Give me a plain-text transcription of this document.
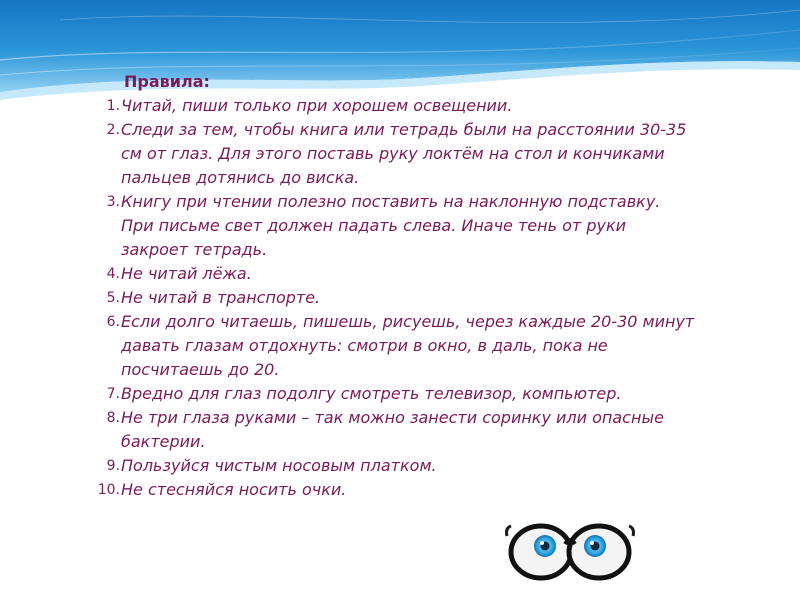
Правила:
1. Читай, пиши только при хорошем освещении.
2. Следи за тем, чтобы книга или тетрадь были на расстоянии 30-35 см от глаз. Для этого поставь руку локтём на стол и кончиками пальцев дотянись до виска.
3. Книгу при чтении полезно поставить на наклонную подставку. При письме свет должен падать слева. Иначе тень от руки закроет тетрадь.
4. Не читай лёжа.
5. Не читай в транспорте.
6. Если долго читаешь, пишешь, рисуешь, через каждые 20-30 минут давать глазам отдохнуть: смотри в окно, в даль, пока не посчитаешь до 20.
7. Вредно для глаз подолгу смотреть телевизор, компьютер.
8. Не три глаза руками – так можно занести соринку или опасные бактерии.
9. Пользуйся чистым носовым платком.
10. Не стесняйся носить очки.
